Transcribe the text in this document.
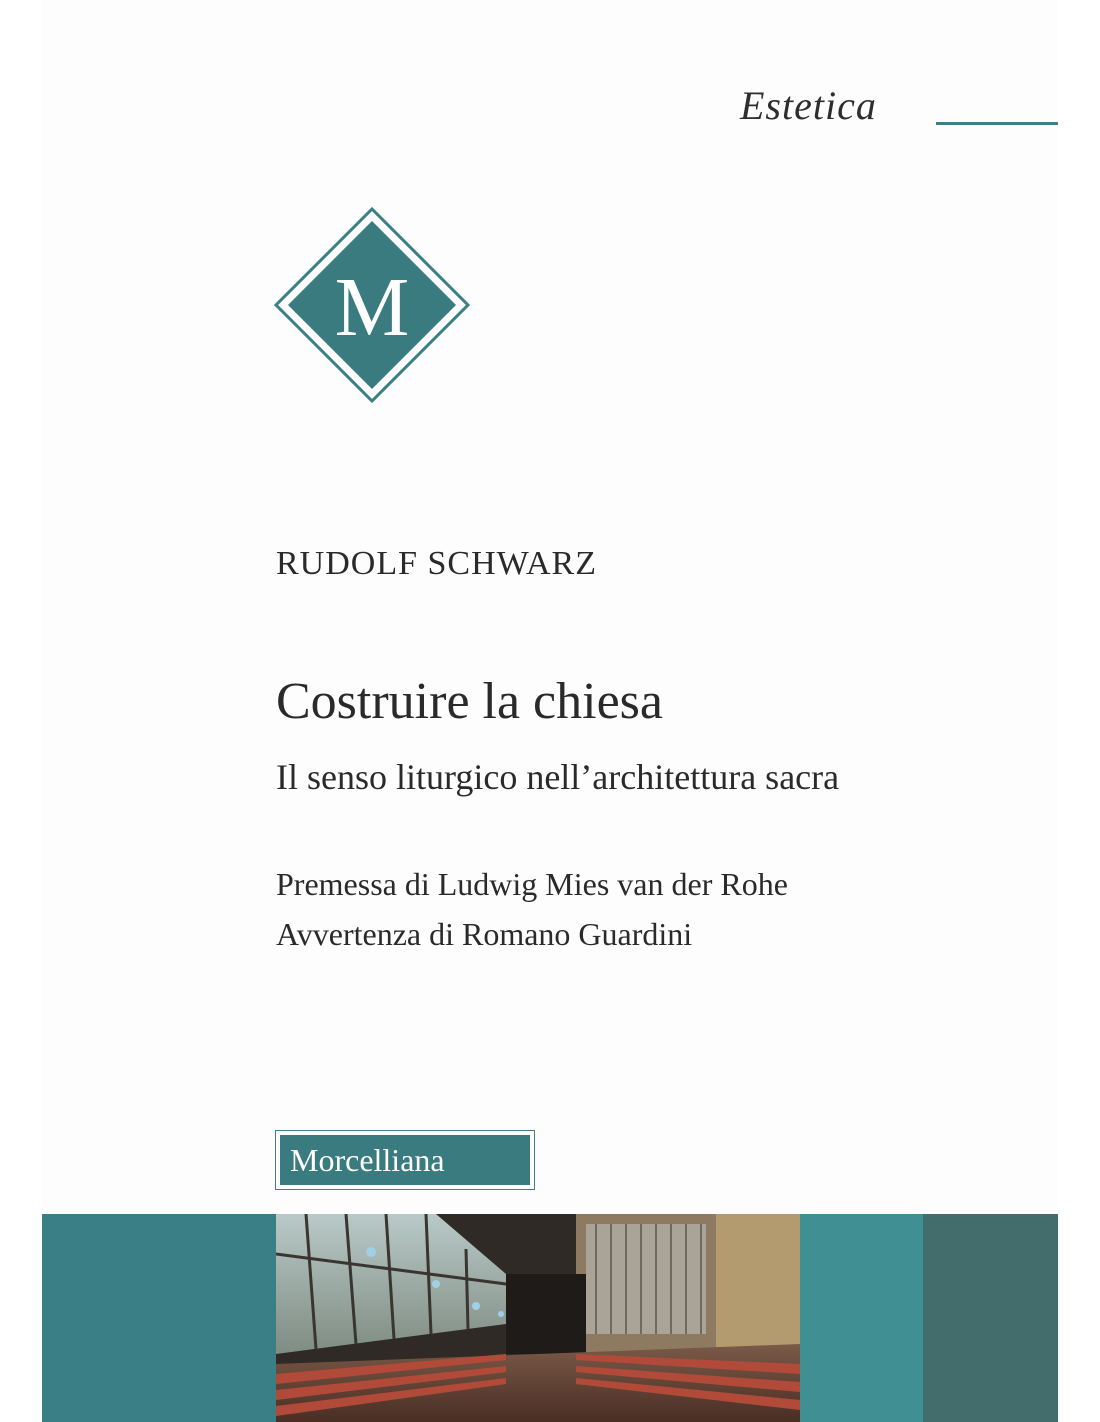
Estetica
M
RUDOLF SCHWARZ
Costruire la chiesa
Il senso liturgico nell’architettura sacra
Premessa di Ludwig Mies van der Rohe
Avvertenza di Romano Guardini
Morcelliana
